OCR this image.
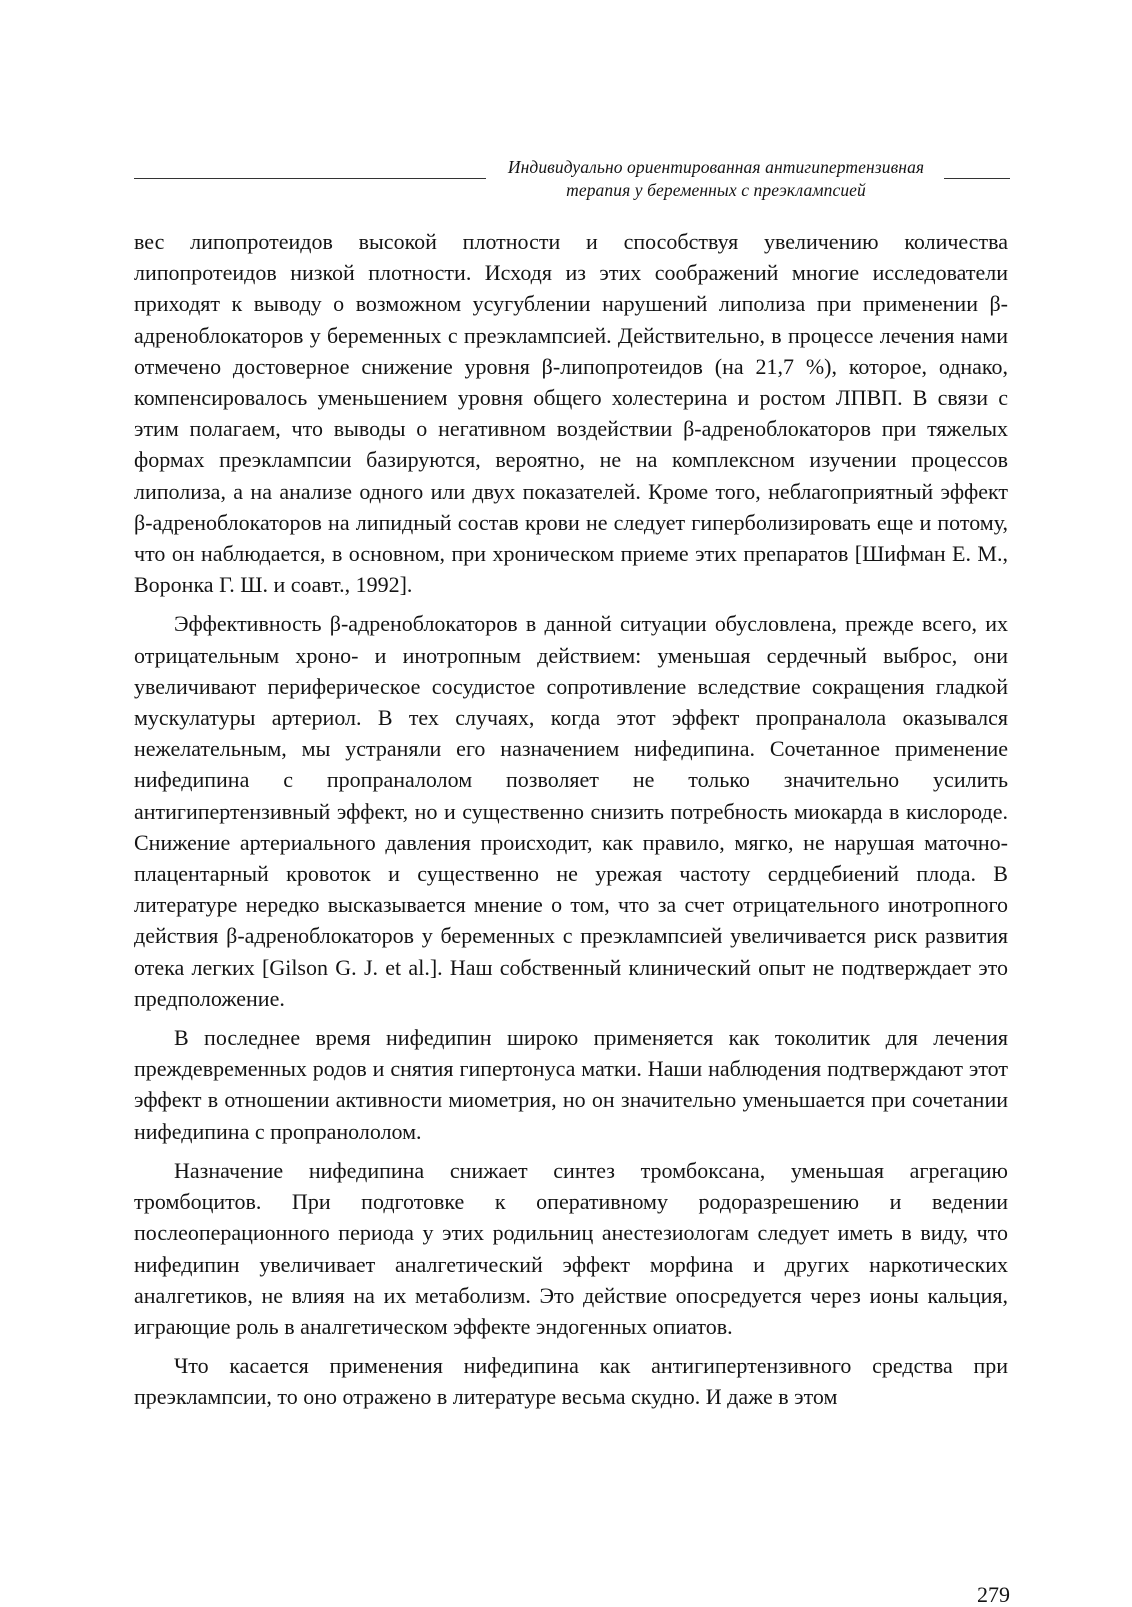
Индивидуально ориентированная антигипертензивная
терапия у беременных с преэклампсией

вес липопротеидов высокой плотности и способствуя увеличению количества липопротеидов низкой плотности. Исходя из этих соображений многие исследователи приходят к выводу о возможном усугублении нарушений липолиза при применении β-адреноблокаторов у беременных с преэклампсией. Действительно, в процессе лечения нами отмечено достоверное снижение уровня β-липопротеидов (на 21,7 %), которое, однако, компенсировалось уменьшением уровня общего холестерина и ростом ЛПВП. В связи с этим полагаем, что выводы о негативном воздействии β-адреноблокаторов при тяжелых формах преэклампсии базируются, вероятно, не на комплексном изучении процессов липолиза, а на анализе одного или двух показателей. Кроме того, неблагоприятный эффект β-адреноблокаторов на липидный состав крови не следует гиперболизировать еще и потому, что он наблюдается, в основном, при хроническом приеме этих препаратов [Шифман Е. М., Воронка Г. Ш. и соавт., 1992].

Эффективность β-адреноблокаторов в данной ситуации обусловлена, прежде всего, их отрицательным хроно- и инотропным действием: уменьшая сердечный выброс, они увеличивают периферическое сосудистое сопротивление вследствие сокращения гладкой мускулатуры артериол. В тех случаях, когда этот эффект пропраналола оказывался нежелательным, мы устраняли его назначением нифедипина. Сочетанное применение нифедипина с пропраналолом позволяет не только значительно усилить антигипертензивный эффект, но и существенно снизить потребность миокарда в кислороде. Снижение артериального давления происходит, как правило, мягко, не нарушая маточноплацентарный кровоток и существенно не урежая частоту сердцебиений плода. В литературе нередко высказывается мнение о том, что за счет отрицательного инотропного действия β-адреноблокаторов у беременных с преэклампсией увеличивается риск развития отека легких [Gilson G. J. et al.]. Наш собственный клинический опыт не подтверждает это предположение.

В последнее время нифедипин широко применяется как токолитик для лечения преждевременных родов и снятия гипертонуса матки. Наши наблюдения подтверждают этот эффект в отношении активности миометрия, но он значительно уменьшается при сочетании нифедипина с пропранололом.

Назначение нифедипина снижает синтез тромбоксана, уменьшая агрегацию тромбоцитов. При подготовке к оперативному родоразрешению и ведении послеоперационного периода у этих родильниц анестезиологам следует иметь в виду, что нифедипин увеличивает аналгетический эффект морфина и других наркотических аналгетиков, не влияя на их метаболизм. Это действие опосредуется через ионы кальция, играющие роль в аналгетическом эффекте эндогенных опиатов.

Что касается применения нифедипина как антигипертензивного средства при преэклампсии, то оно отражено в литературе весьма скудно. И даже в этом

279
